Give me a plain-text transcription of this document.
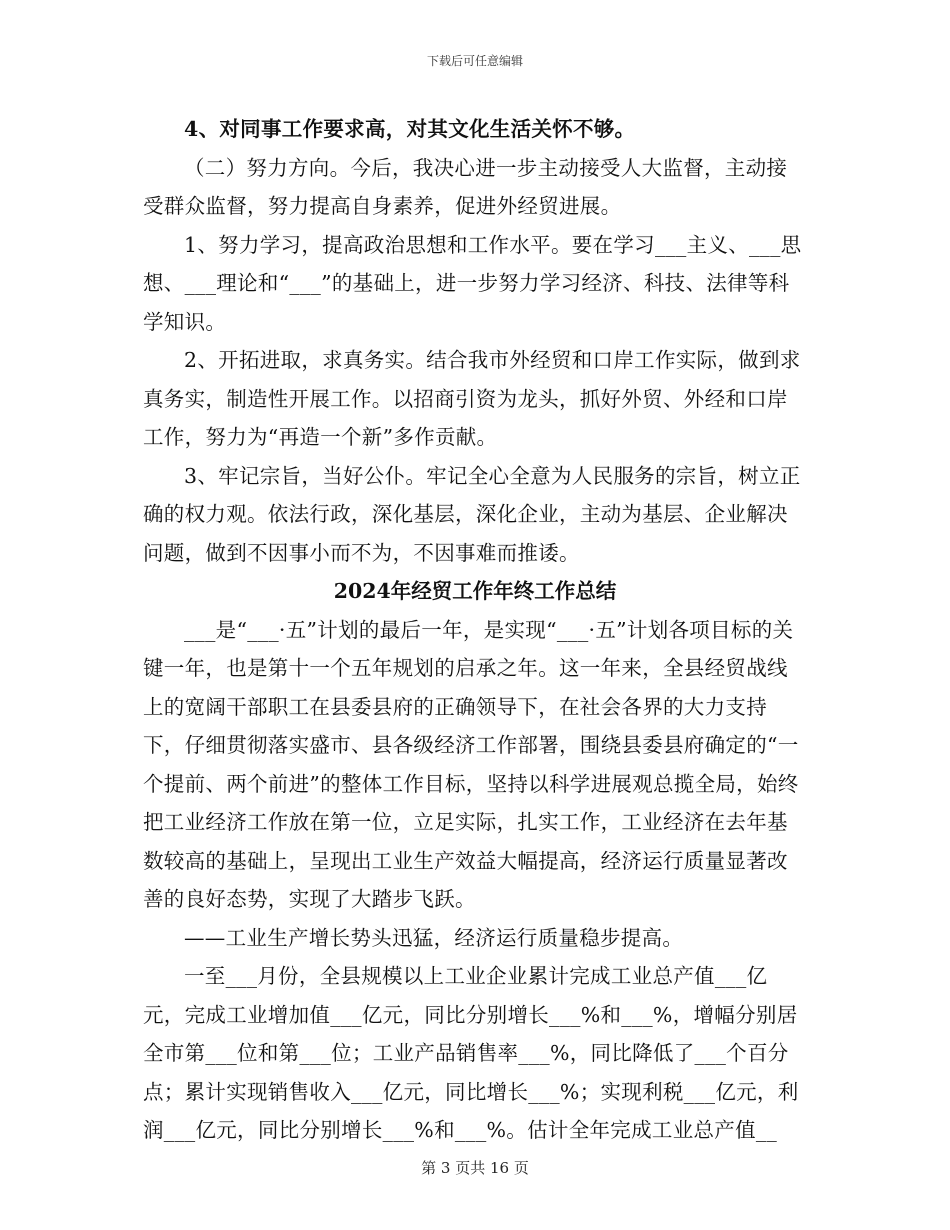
下载后可任意编辑

4、对同事工作要求高，对其文化生活关怀不够。

（二）努力方向。今后，我决心进一步主动接受人大监督，主动接受群众监督，努力提高自身素养，促进外经贸进展。

1、努力学习，提高政治思想和工作水平。要在学习___主义、___思想、___理论和“___”的基础上，进一步努力学习经济、科技、法律等科学知识。

2、开拓进取，求真务实。结合我市外经贸和口岸工作实际，做到求真务实，制造性开展工作。以招商引资为龙头，抓好外贸、外经和口岸工作，努力为“再造一个新”多作贡献。

3、牢记宗旨，当好公仆。牢记全心全意为人民服务的宗旨，树立正确的权力观。依法行政，深化基层，深化企业，主动为基层、企业解决问题，做到不因事小而不为，不因事难而推诿。

2024年经贸工作年终工作总结

___是“___·五”计划的最后一年，是实现“___·五”计划各项目标的关键一年，也是第十一个五年规划的启承之年。这一年来，全县经贸战线上的宽阔干部职工在县委县府的正确领导下，在社会各界的大力支持下，仔细贯彻落实盛市、县各级经济工作部署，围绕县委县府确定的“一个提前、两个前进”的整体工作目标，坚持以科学进展观总揽全局，始终把工业经济工作放在第一位，立足实际，扎实工作，工业经济在去年基数较高的基础上，呈现出工业生产效益大幅提高，经济运行质量显著改善的良好态势，实现了大踏步飞跃。

——工业生产增长势头迅猛，经济运行质量稳步提高。

一至___月份，全县规模以上工业企业累计完成工业总产值___亿元，完成工业增加值___亿元，同比分别增长___%和___%，增幅分别居全市第___位和第___位；工业产品销售率___%，同比降低了___个百分点；累计实现销售收入___亿元，同比增长___%；实现利税___亿元，利润___亿元，同比分别增长___%和___%。估计全年完成工业总产值__

第 3 页共 16 页
